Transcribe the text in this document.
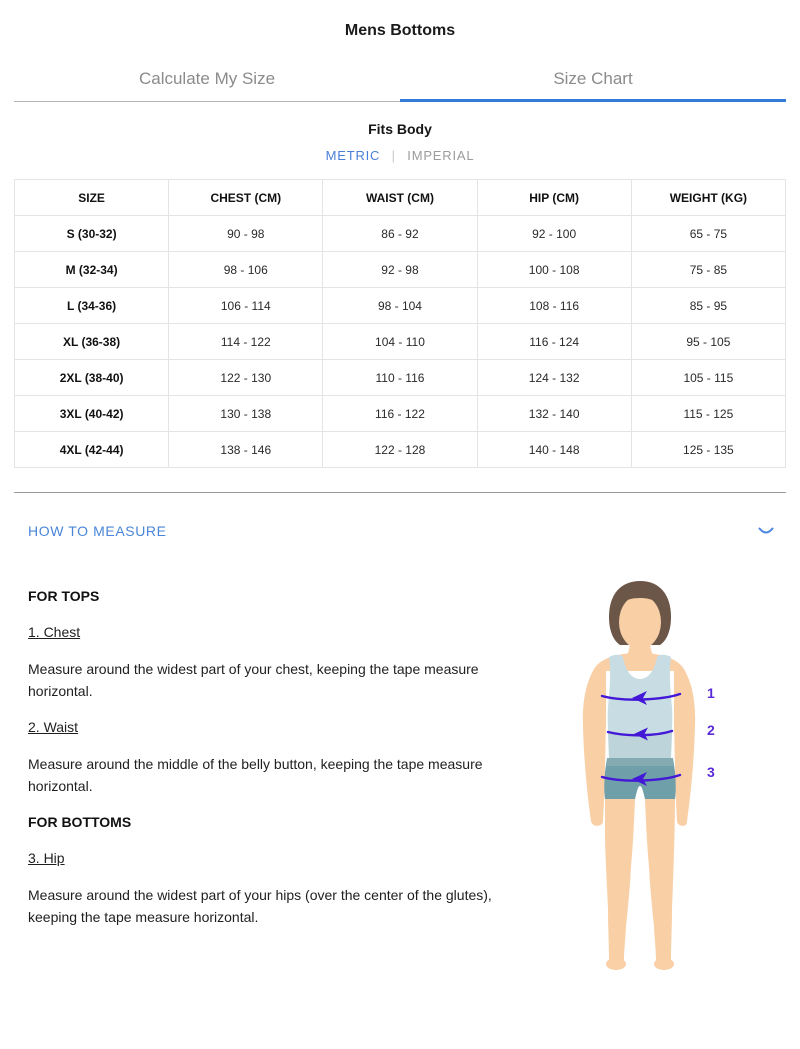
Mens Bottoms
Calculate My Size	Size Chart
Fits Body
METRIC | IMPERIAL
SIZE	CHEST (CM)	WAIST (CM)	HIP (CM)	WEIGHT (KG)
S (30-32)	90 - 98	86 - 92	92 - 100	65 - 75
M (32-34)	98 - 106	92 - 98	100 - 108	75 - 85
L (34-36)	106 - 114	98 - 104	108 - 116	85 - 95
XL (36-38)	114 - 122	104 - 110	116 - 124	95 - 105
2XL (38-40)	122 - 130	110 - 116	124 - 132	105 - 115
3XL (40-42)	130 - 138	116 - 122	132 - 140	115 - 125
4XL (42-44)	138 - 146	122 - 128	140 - 148	125 - 135
HOW TO MEASURE
FOR TOPS
1. Chest

Measure around the widest part of your chest, keeping the tape measure horizontal.

2. Waist

Measure around the middle of the belly button, keeping the tape measure horizontal.

FOR BOTTOMS
3. Hip

Measure around the widest part of your hips (over the center of the glutes), keeping the tape measure horizontal.

1
2
3
